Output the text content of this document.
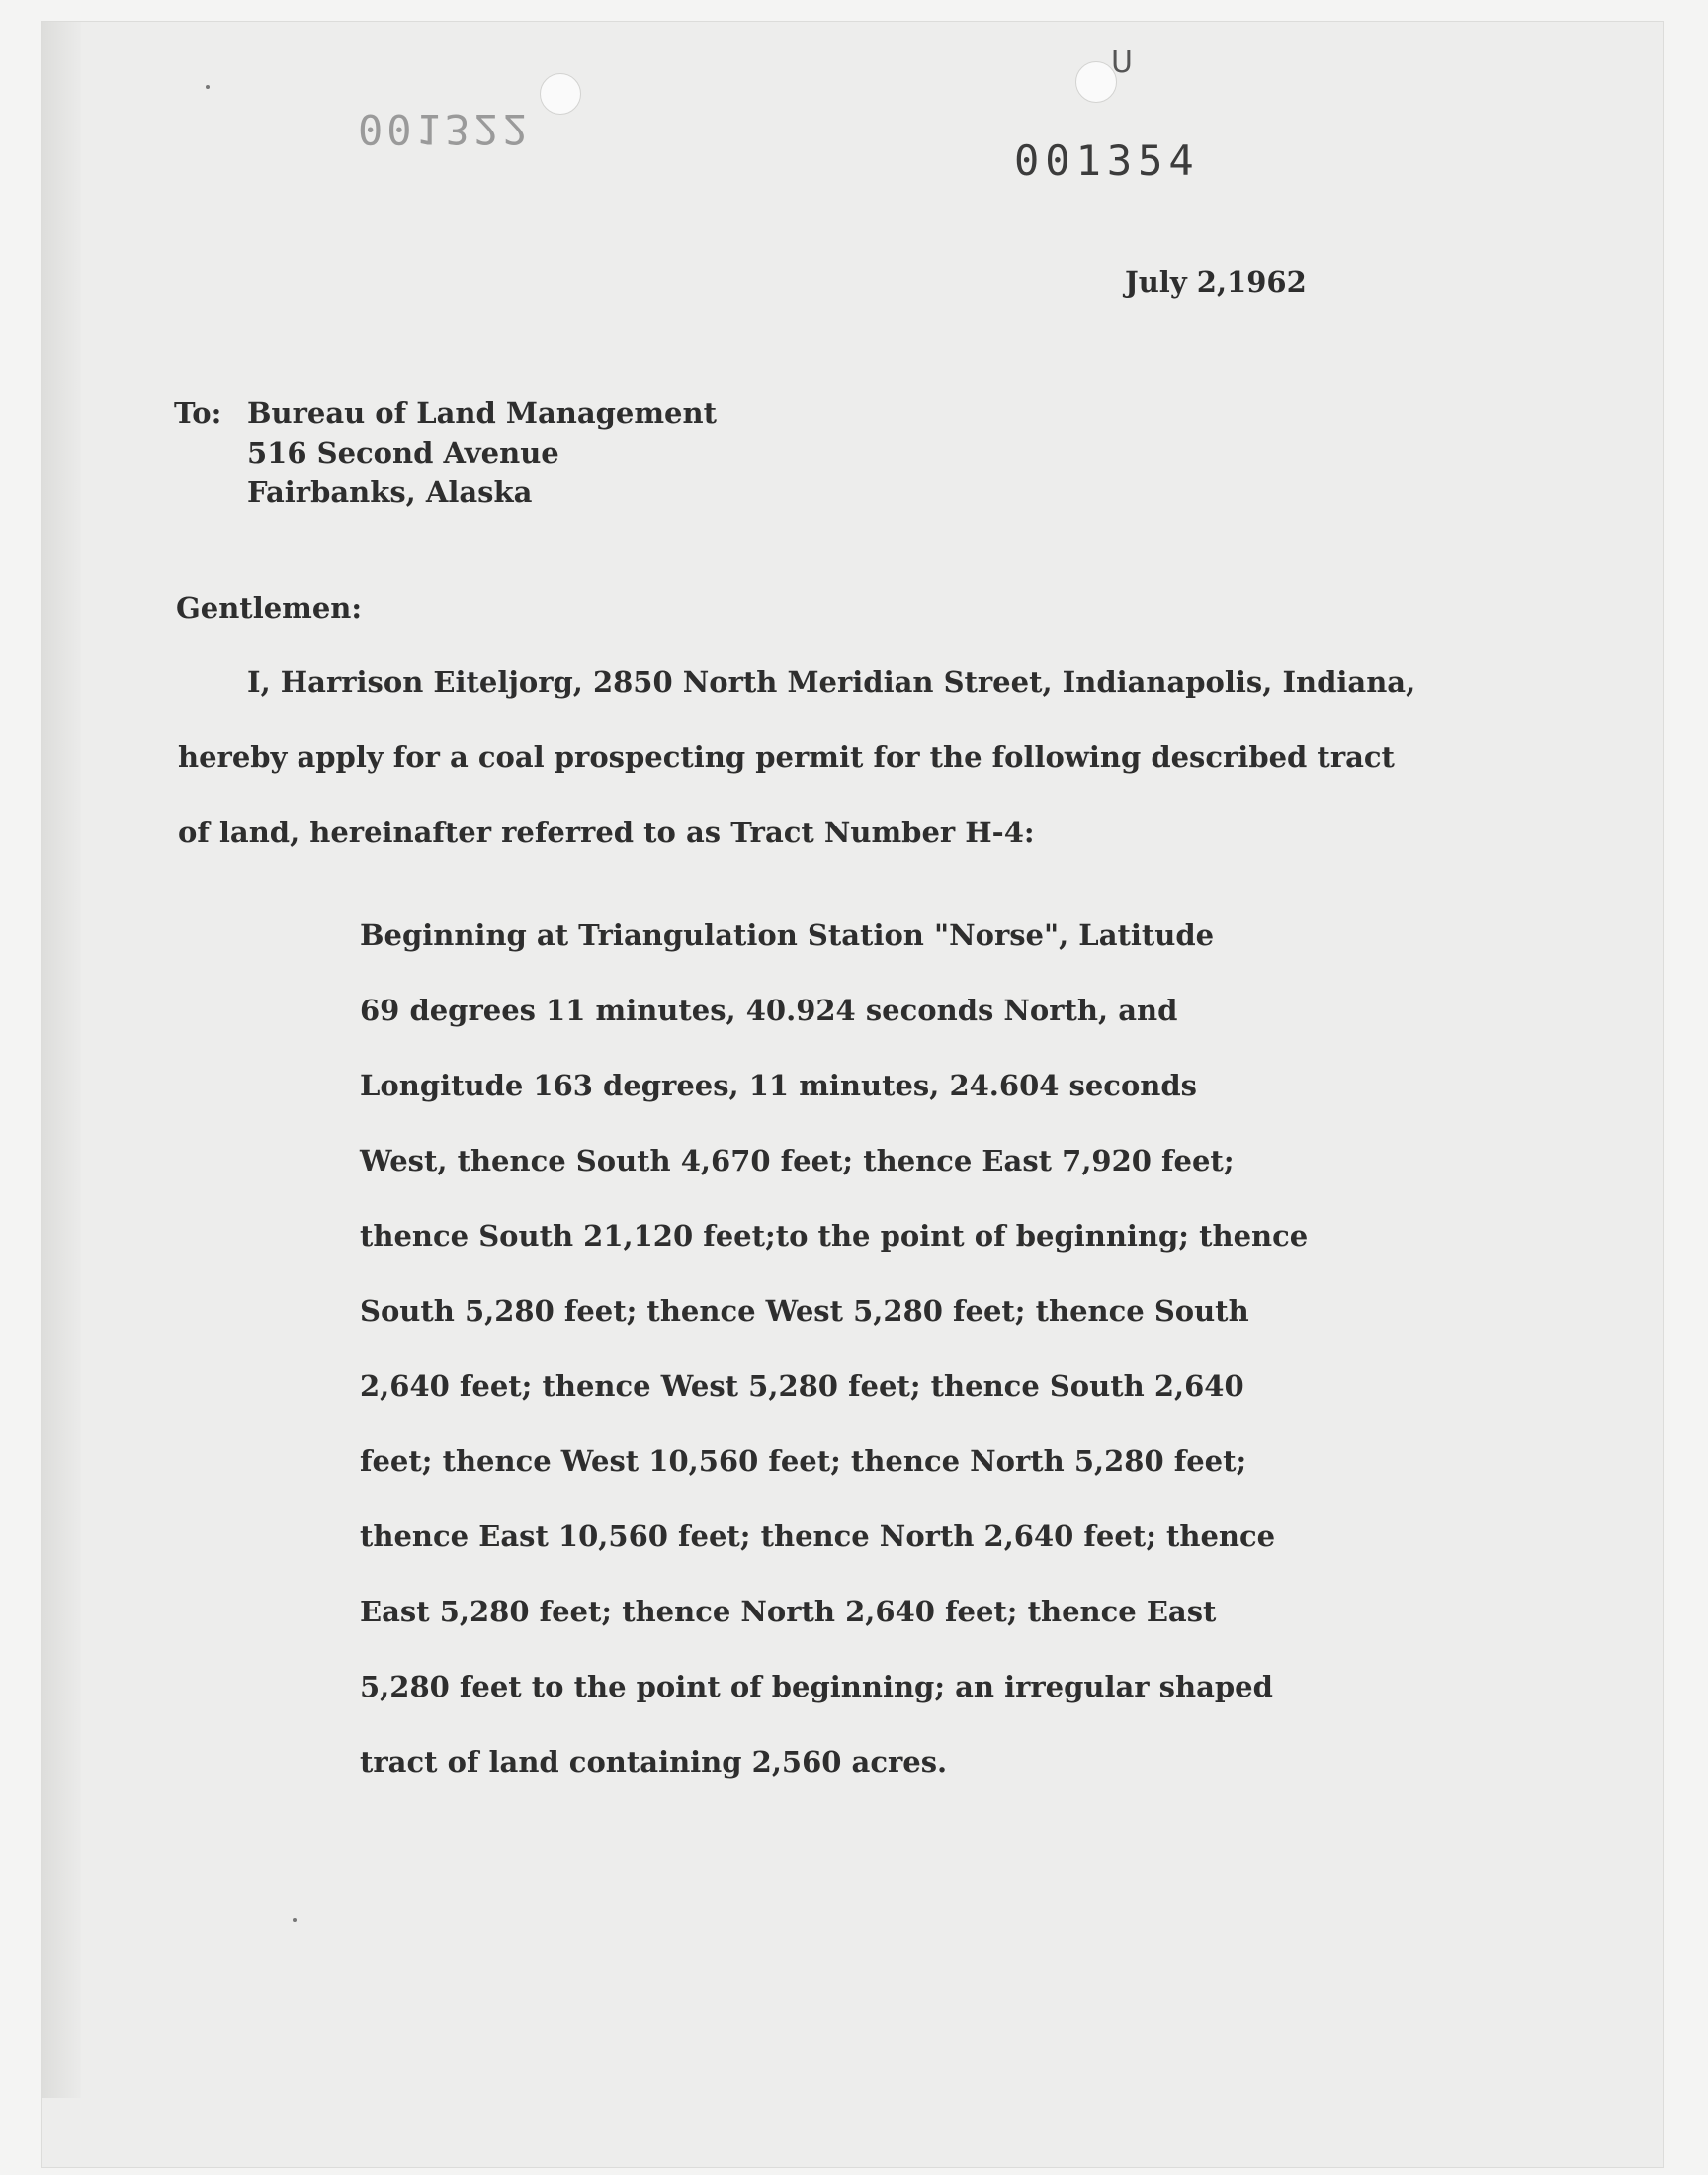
001322
001354
U
July 2,1962
To: Bureau of Land Management
516 Second Avenue
Fairbanks, Alaska
Gentlemen:
I, Harrison Eiteljorg, 2850 North Meridian Street, Indianapolis, Indiana,
hereby apply for a coal prospecting permit for the following described tract
of land, hereinafter referred to as Tract Number H-4:
Beginning at Triangulation Station "Norse", Latitude
69 degrees 11 minutes, 40.924 seconds North, and
Longitude 163 degrees, 11 minutes, 24.604 seconds
West, thence South 4,670 feet; thence East 7,920 feet;
thence South 21,120 feet;to the point of beginning; thence
South 5,280 feet; thence West 5,280 feet; thence South
2,640 feet; thence West 5,280 feet; thence South 2,640
feet; thence West 10,560 feet; thence North 5,280 feet;
thence East 10,560 feet; thence North 2,640 feet; thence
East 5,280 feet; thence North 2,640 feet; thence East
5,280 feet to the point of beginning; an irregular shaped
tract of land containing 2,560 acres.
